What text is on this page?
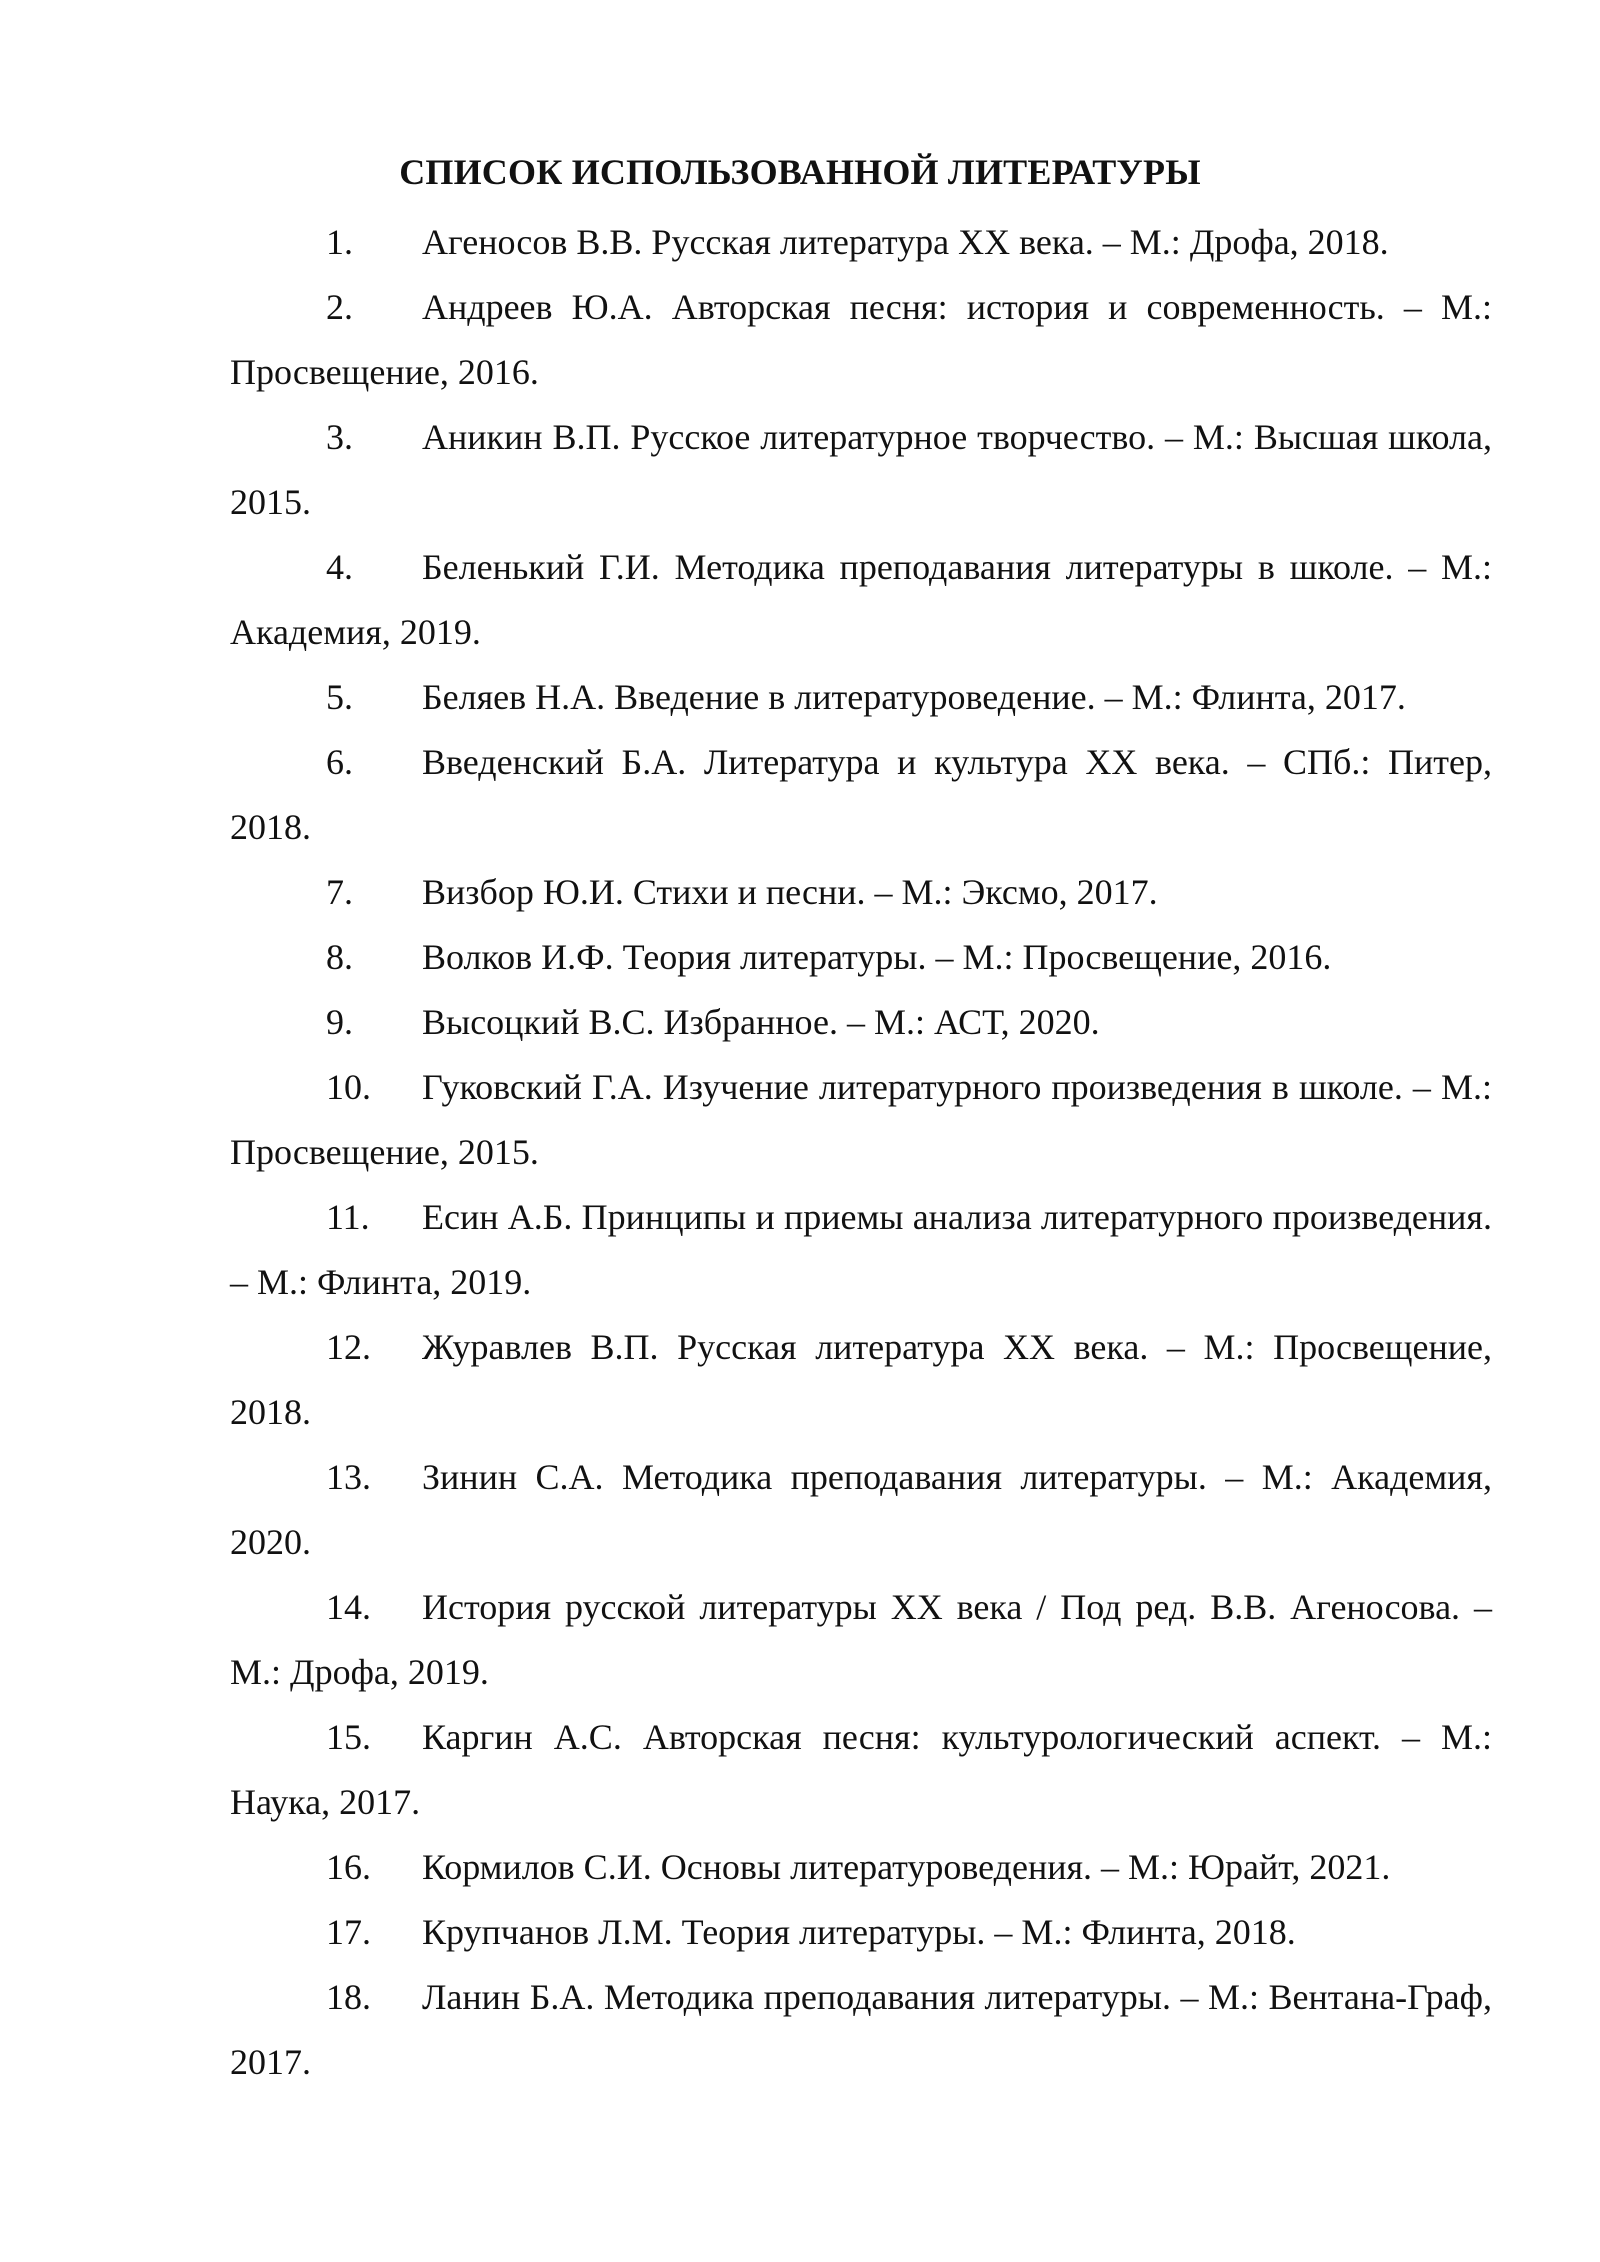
СПИСОК ИСПОЛЬЗОВАННОЙ ЛИТЕРАТУРЫ
1. Агеносов В.В. Русская литература XX века. – М.: Дрофа, 2018.
2. Андреев Ю.А. Авторская песня: история и современность. – М.: Просвещение, 2016.
3. Аникин В.П. Русское литературное творчество. – М.: Высшая школа, 2015.
4. Беленький Г.И. Методика преподавания литературы в школе. – М.: Академия, 2019.
5. Беляев Н.А. Введение в литературоведение. – М.: Флинта, 2017.
6. Введенский Б.А. Литература и культура XX века. – СПб.: Питер, 2018.
7. Визбор Ю.И. Стихи и песни. – М.: Эксмо, 2017.
8. Волков И.Ф. Теория литературы. – М.: Просвещение, 2016.
9. Высоцкий В.С. Избранное. – М.: АСТ, 2020.
10. Гуковский Г.А. Изучение литературного произведения в школе. – М.: Просвещение, 2015.
11. Есин А.Б. Принципы и приемы анализа литературного произведения. – М.: Флинта, 2019.
12. Журавлев В.П. Русская литература XX века. – М.: Просвещение, 2018.
13. Зинин С.А. Методика преподавания литературы. – М.: Академия, 2020.
14. История русской литературы XX века / Под ред. В.В. Агеносова. – М.: Дрофа, 2019.
15. Каргин А.С. Авторская песня: культурологический аспект. – М.: Наука, 2017.
16. Кормилов С.И. Основы литературоведения. – М.: Юрайт, 2021.
17. Крупчанов Л.М. Теория литературы. – М.: Флинта, 2018.
18. Ланин Б.А. Методика преподавания литературы. – М.: Вентана-Граф, 2017.
